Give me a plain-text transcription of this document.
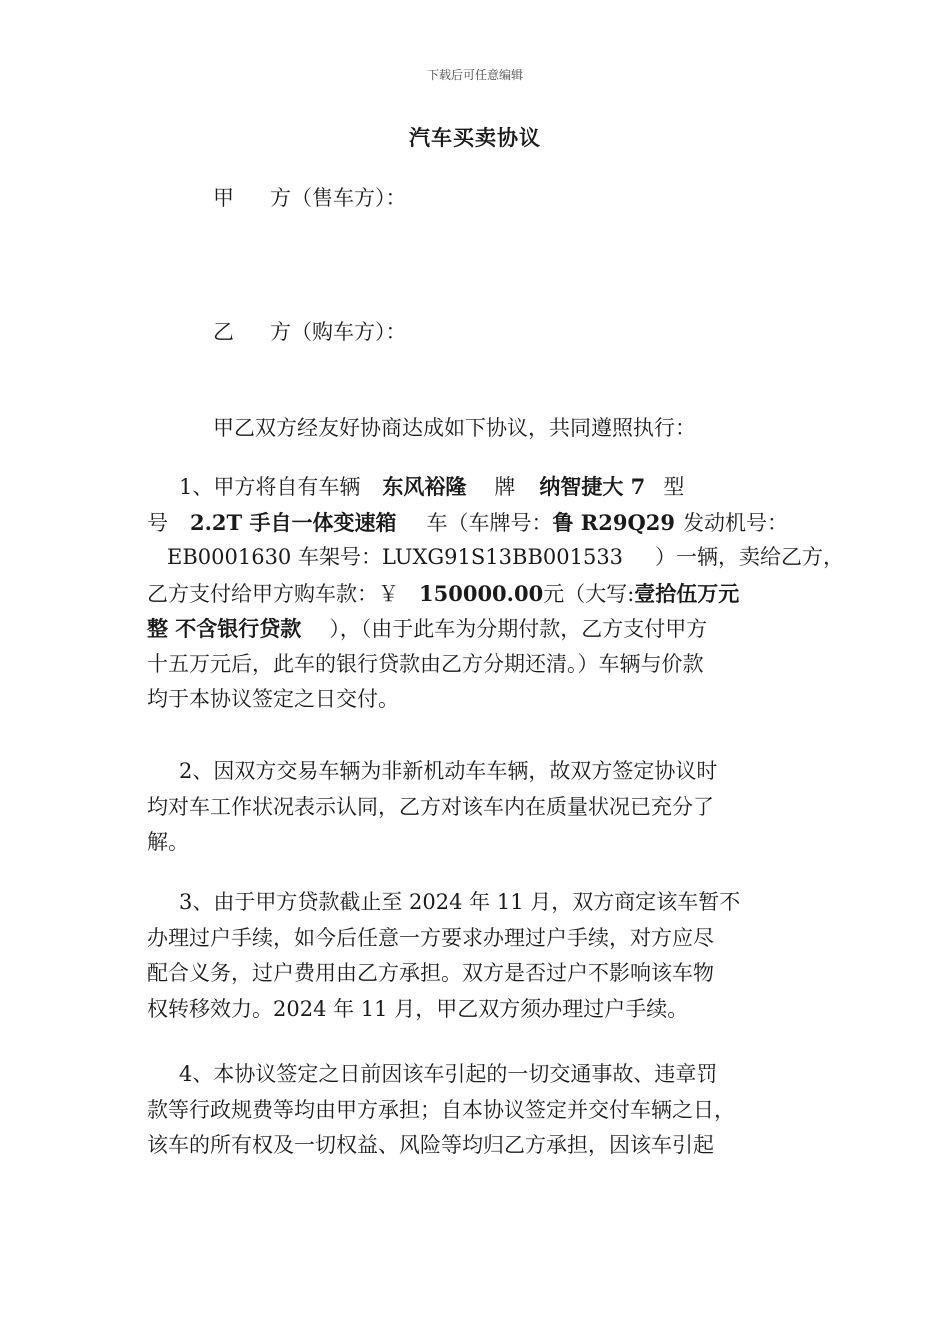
下载后可任意编辑
汽车买卖协议
甲 方（售车方）：
乙 方（购车方）：
甲乙双方经友好协商达成如下协议，共同遵照执行：
1、甲方将自有车辆 东风裕隆 牌 纳智捷大 7 型
号 2.2T 手自一体变速箱 车（车牌号：鲁 R29Q29 发动机号：
EB0001630 车架号：LUXG91S13BB001533 ）一辆，卖给乙方，
乙方支付给甲方购车款：￥ 150000.00元（大写:壹拾伍万元
整 不含银行贷款 ），（由于此车为分期付款，乙方支付甲方
十五万元后，此车的银行贷款由乙方分期还清。）车辆与价款
均于本协议签定之日交付。
2、因双方交易车辆为非新机动车车辆，故双方签定协议时
均对车工作状况表示认同，乙方对该车内在质量状况已充分了
解。
3、由于甲方贷款截止至 2024 年 11 月，双方商定该车暂不
办理过户手续，如今后任意一方要求办理过户手续，对方应尽
配合义务，过户费用由乙方承担。双方是否过户不影响该车物
权转移效力。2024 年 11 月，甲乙双方须办理过户手续。
4、本协议签定之日前因该车引起的一切交通事故、违章罚
款等行政规费等均由甲方承担；自本协议签定并交付车辆之日，
该车的所有权及一切权益、风险等均归乙方承担，因该车引起
